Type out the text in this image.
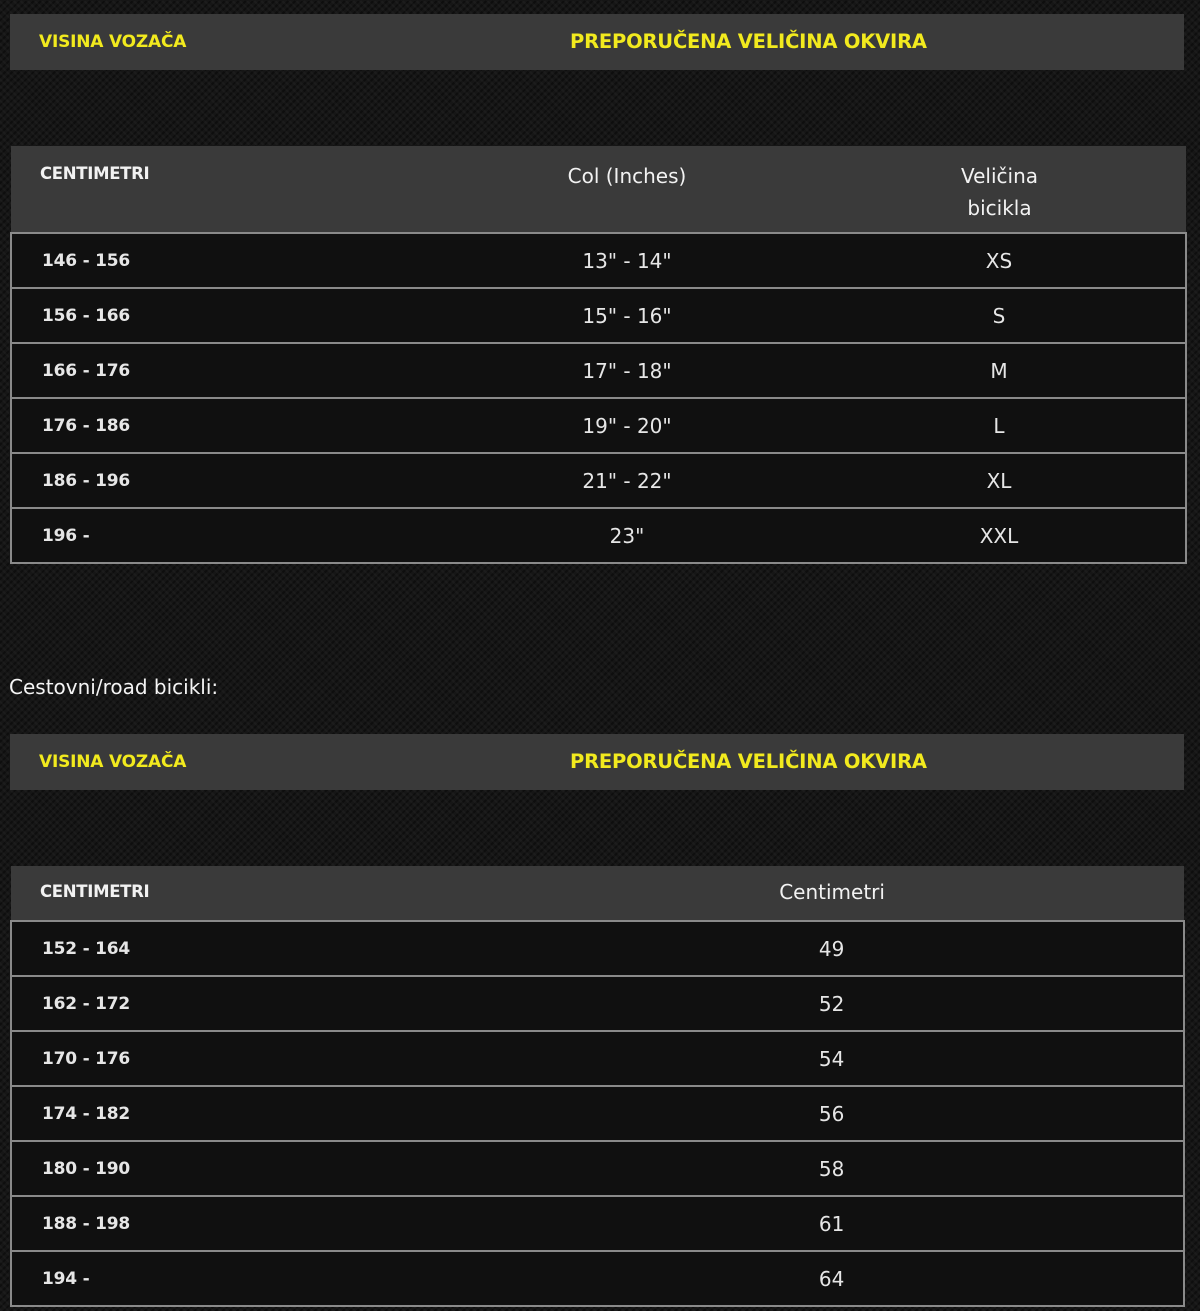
VISINA VOZAČA	PREPORUČENA VELIČINA OKVIRA
CENTIMETRI	Col (Inches)	Veličina bicikla

146 - 156	13" - 14"	XS
156 - 166	15" - 16"	S
166 - 176	17" - 18"	M
176 - 186	19" - 20"	L
186 - 196	21" - 22"	XL
196 -	23"	XXL
Cestovni/road bicikli:
VISINA VOZAČA	PREPORUČENA VELIČINA OKVIRA
CENTIMETRI	Centimetri

152 - 164	49
162 - 172	52
170 - 176	54
174 - 182	56
180 - 190	58
188 - 198	61
194 -	64
